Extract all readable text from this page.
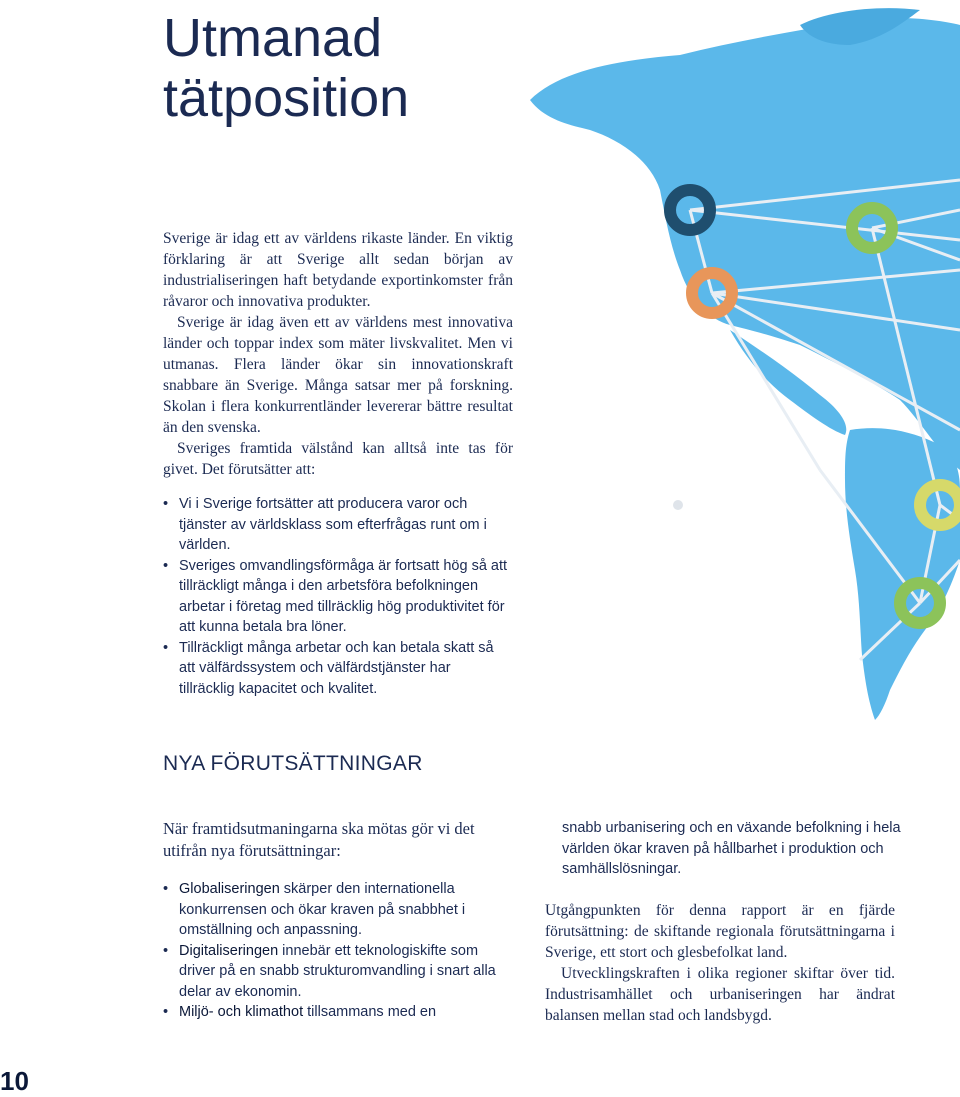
Utmanad
tätposition

Sverige är idag ett av världens rikaste länder. En viktig förklaring är att Sverige allt sedan början av industrialiseringen haft betydande exportinkomster från råvaror och innovativa produkter.
Sverige är idag även ett av världens mest innovativa länder och toppar index som mäter livskvalitet. Men vi utmanas. Flera länder ökar sin innovationskraft snabbare än Sverige. Många satsar mer på forskning. Skolan i flera konkurrentländer levererar bättre resultat än den svenska.
Sveriges framtida välstånd kan alltså inte tas för givet. Det förutsätter att:

• Vi i Sverige fortsätter att producera varor och tjänster av världsklass som efterfrågas runt om i världen.
• Sveriges omvandlingsförmåga är fortsatt hög så att tillräckligt många i den arbetsföra befolkningen arbetar i företag med tillräcklig hög produktivitet för att kunna betala bra löner.
• Tillräckligt många arbetar och kan betala skatt så att välfärdssystem och välfärdstjänster har tillräcklig kapacitet och kvalitet.
NYA FÖRUTSÄTTNINGAR

När framtidsutmaningarna ska mötas gör vi det utifrån nya förutsättningar:

• Globaliseringen skärper den internationella konkurrensen och ökar kraven på snabbhet i omställning och anpassning.
• Digitaliseringen innebär ett teknologiskifte som driver på en snabb strukturomvandling i snart alla delar av ekonomin.
• Miljö- och klimathot tillsammans med en

snabb urbanisering och en växande befolkning i hela världen ökar kraven på hållbarhet i produktion och samhällslösningar.

Utgångpunkten för denna rapport är en fjärde förutsättning: de skiftande regionala förutsättningarna i Sverige, ett stort och glesbefolkat land.
Utvecklingskraften i olika regioner skiftar över tid. Industrisamhället och urbaniseringen har ändrat balansen mellan stad och landsbygd.

10
